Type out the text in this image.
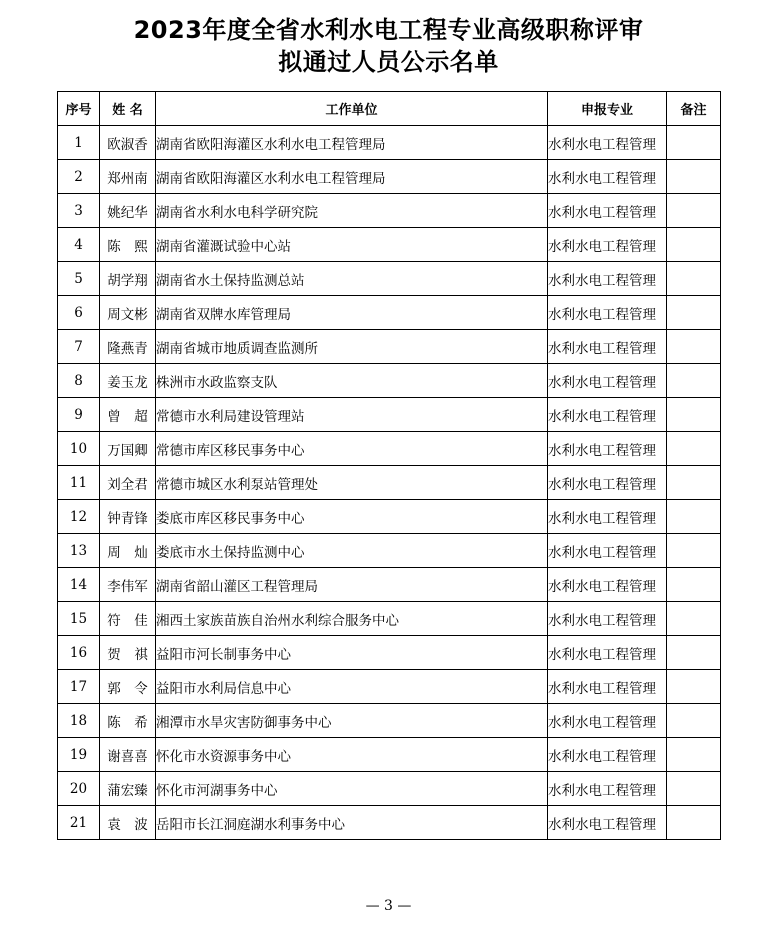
2023年度全省水利水电工程专业高级职称评审
拟通过人员公示名单
序号	姓 名	工作单位	申报专业	备注
1	欧淑香	湖南省欧阳海灌区水利水电工程管理局	水利水电工程管理	
2	郑州南	湖南省欧阳海灌区水利水电工程管理局	水利水电工程管理	
3	姚纪华	湖南省水利水电科学研究院	水利水电工程管理	
4	陈　熙	湖南省灌溉试验中心站	水利水电工程管理	
5	胡学翔	湖南省水土保持监测总站	水利水电工程管理	
6	周文彬	湖南省双牌水库管理局	水利水电工程管理	
7	隆燕青	湖南省城市地质调查监测所	水利水电工程管理	
8	姜玉龙	株洲市水政监察支队	水利水电工程管理	
9	曾　超	常德市水利局建设管理站	水利水电工程管理	
10	万国卿	常德市库区移民事务中心	水利水电工程管理	
11	刘全君	常德市城区水利泵站管理处	水利水电工程管理	
12	钟青锋	娄底市库区移民事务中心	水利水电工程管理	
13	周　灿	娄底市水土保持监测中心	水利水电工程管理	
14	李伟军	湖南省韶山灌区工程管理局	水利水电工程管理	
15	符　佳	湘西土家族苗族自治州水利综合服务中心	水利水电工程管理	
16	贺　祺	益阳市河长制事务中心	水利水电工程管理	
17	郭　令	益阳市水利局信息中心	水利水电工程管理	
18	陈　希	湘潭市水旱灾害防御事务中心	水利水电工程管理	
19	谢喜喜	怀化市水资源事务中心	水利水电工程管理	
20	蒲宏臻	怀化市河湖事务中心	水利水电工程管理	
21	袁　波	岳阳市长江洞庭湖水利事务中心	水利水电工程管理	
— 3 —
